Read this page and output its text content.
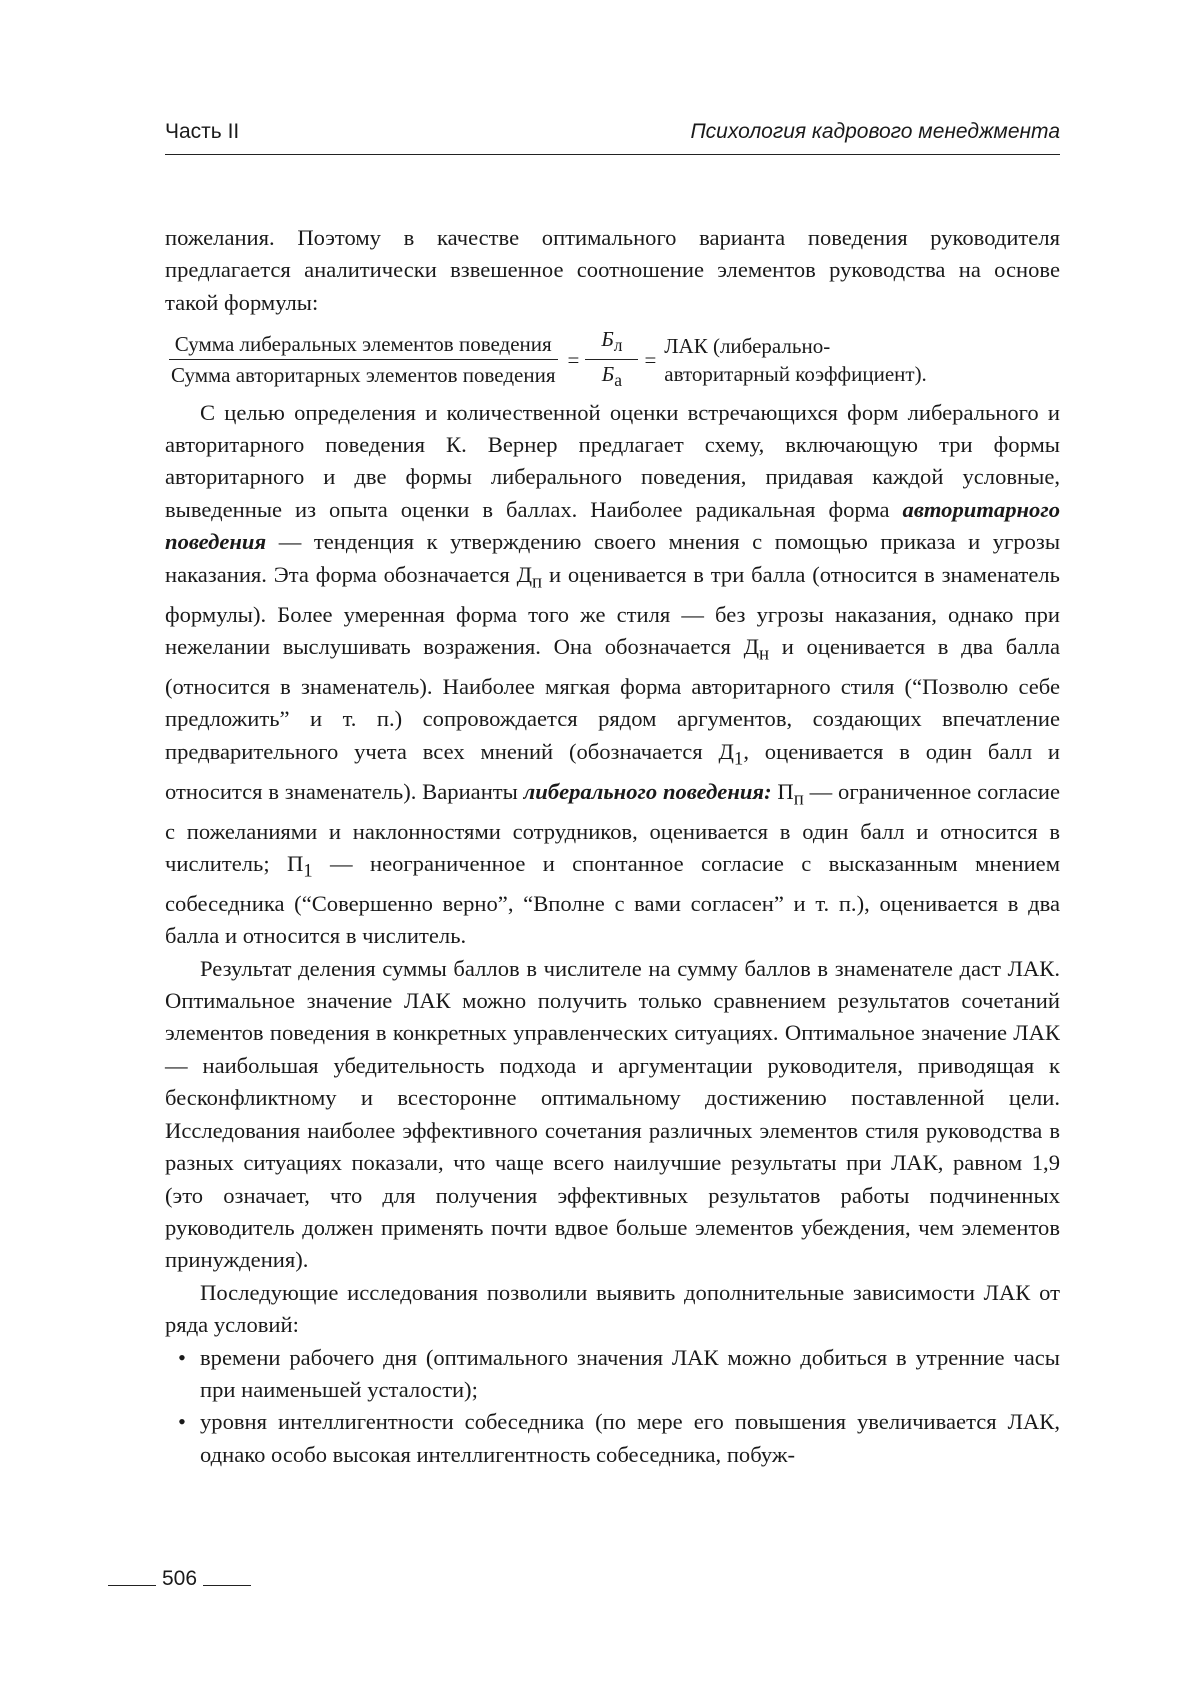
Часть II	Психология кадрового менеджмента

пожелания. Поэтому в качестве оптимального варианта поведения руководителя предлагается аналитически взвешенное соотношение элементов руководства на основе такой формулы:

$\frac{\text{Сумма либеральных элементов поведения}}{\text{Сумма авторитарных элементов поведения}} = \frac{Б_л}{Б_а}$ =
ЛАК (либерально-
авторитарный коэффициент).

С целью определения и количественной оценки встречающихся форм либерального и авторитарного поведения К. Вернер предлагает схему, включающую три формы авторитарного и две формы либерального поведения, придавая каждой условные, выведенные из опыта оценки в баллах. Наиболее радикальная форма авторитарного поведения — тенденция к утверждению своего мнения с помощью приказа и угрозы наказания. Эта форма обозначается $Д_п$ и оценивается в три балла (относится в знаменатель формулы). Более умеренная форма того же стиля — без угрозы наказания, однако при нежелании выслушивать возражения. Она обозначается $Д_н$ и оценивается в два балла (относится в знаменатель). Наиболее мягкая форма авторитарного стиля (“Позволю себе предложить” и т. п.) сопровождается рядом аргументов, создающих впечатление предварительного учета всех мнений (обозначается $Д_1$, оценивается в один балл и относится в знаменатель). Варианты либерального поведения: $П_п$ — ограниченное согласие с пожеланиями и наклонностями сотрудников, оценивается в один балл и относится в числитель; $П_1$ — неограниченное и спонтанное согласие с высказанным мнением собеседника (“Совершенно верно”, “Вполне с вами согласен” и т. п.), оценивается в два балла и относится в числитель.

Результат деления суммы баллов в числителе на сумму баллов в знаменателе даст ЛАК. Оптимальное значение ЛАК можно получить только сравнением результатов сочетаний элементов поведения в конкретных управленческих ситуациях. Оптимальное значение ЛАК — наибольшая убедительность подхода и аргументации руководителя, приводящая к бесконфликтному и всесторонне оптимальному достижению поставленной цели. Исследования наиболее эффективного сочетания различных элементов стиля руководства в разных ситуациях показали, что чаще всего наилучшие результаты при ЛАК, равном 1,9 (это означает, что для получения эффективных результатов работы подчиненных руководитель должен применять почти вдвое больше элементов убеждения, чем элементов принуждения).

Последующие исследования позволили выявить дополнительные зависимости ЛАК от ряда условий:

• времени рабочего дня (оптимального значения ЛАК можно добиться в утренние часы при наименьшей усталости);
• уровня интеллигентности собеседника (по мере его повышения увеличивается ЛАК, однако особо высокая интеллигентность собеседника, побуж-
506
